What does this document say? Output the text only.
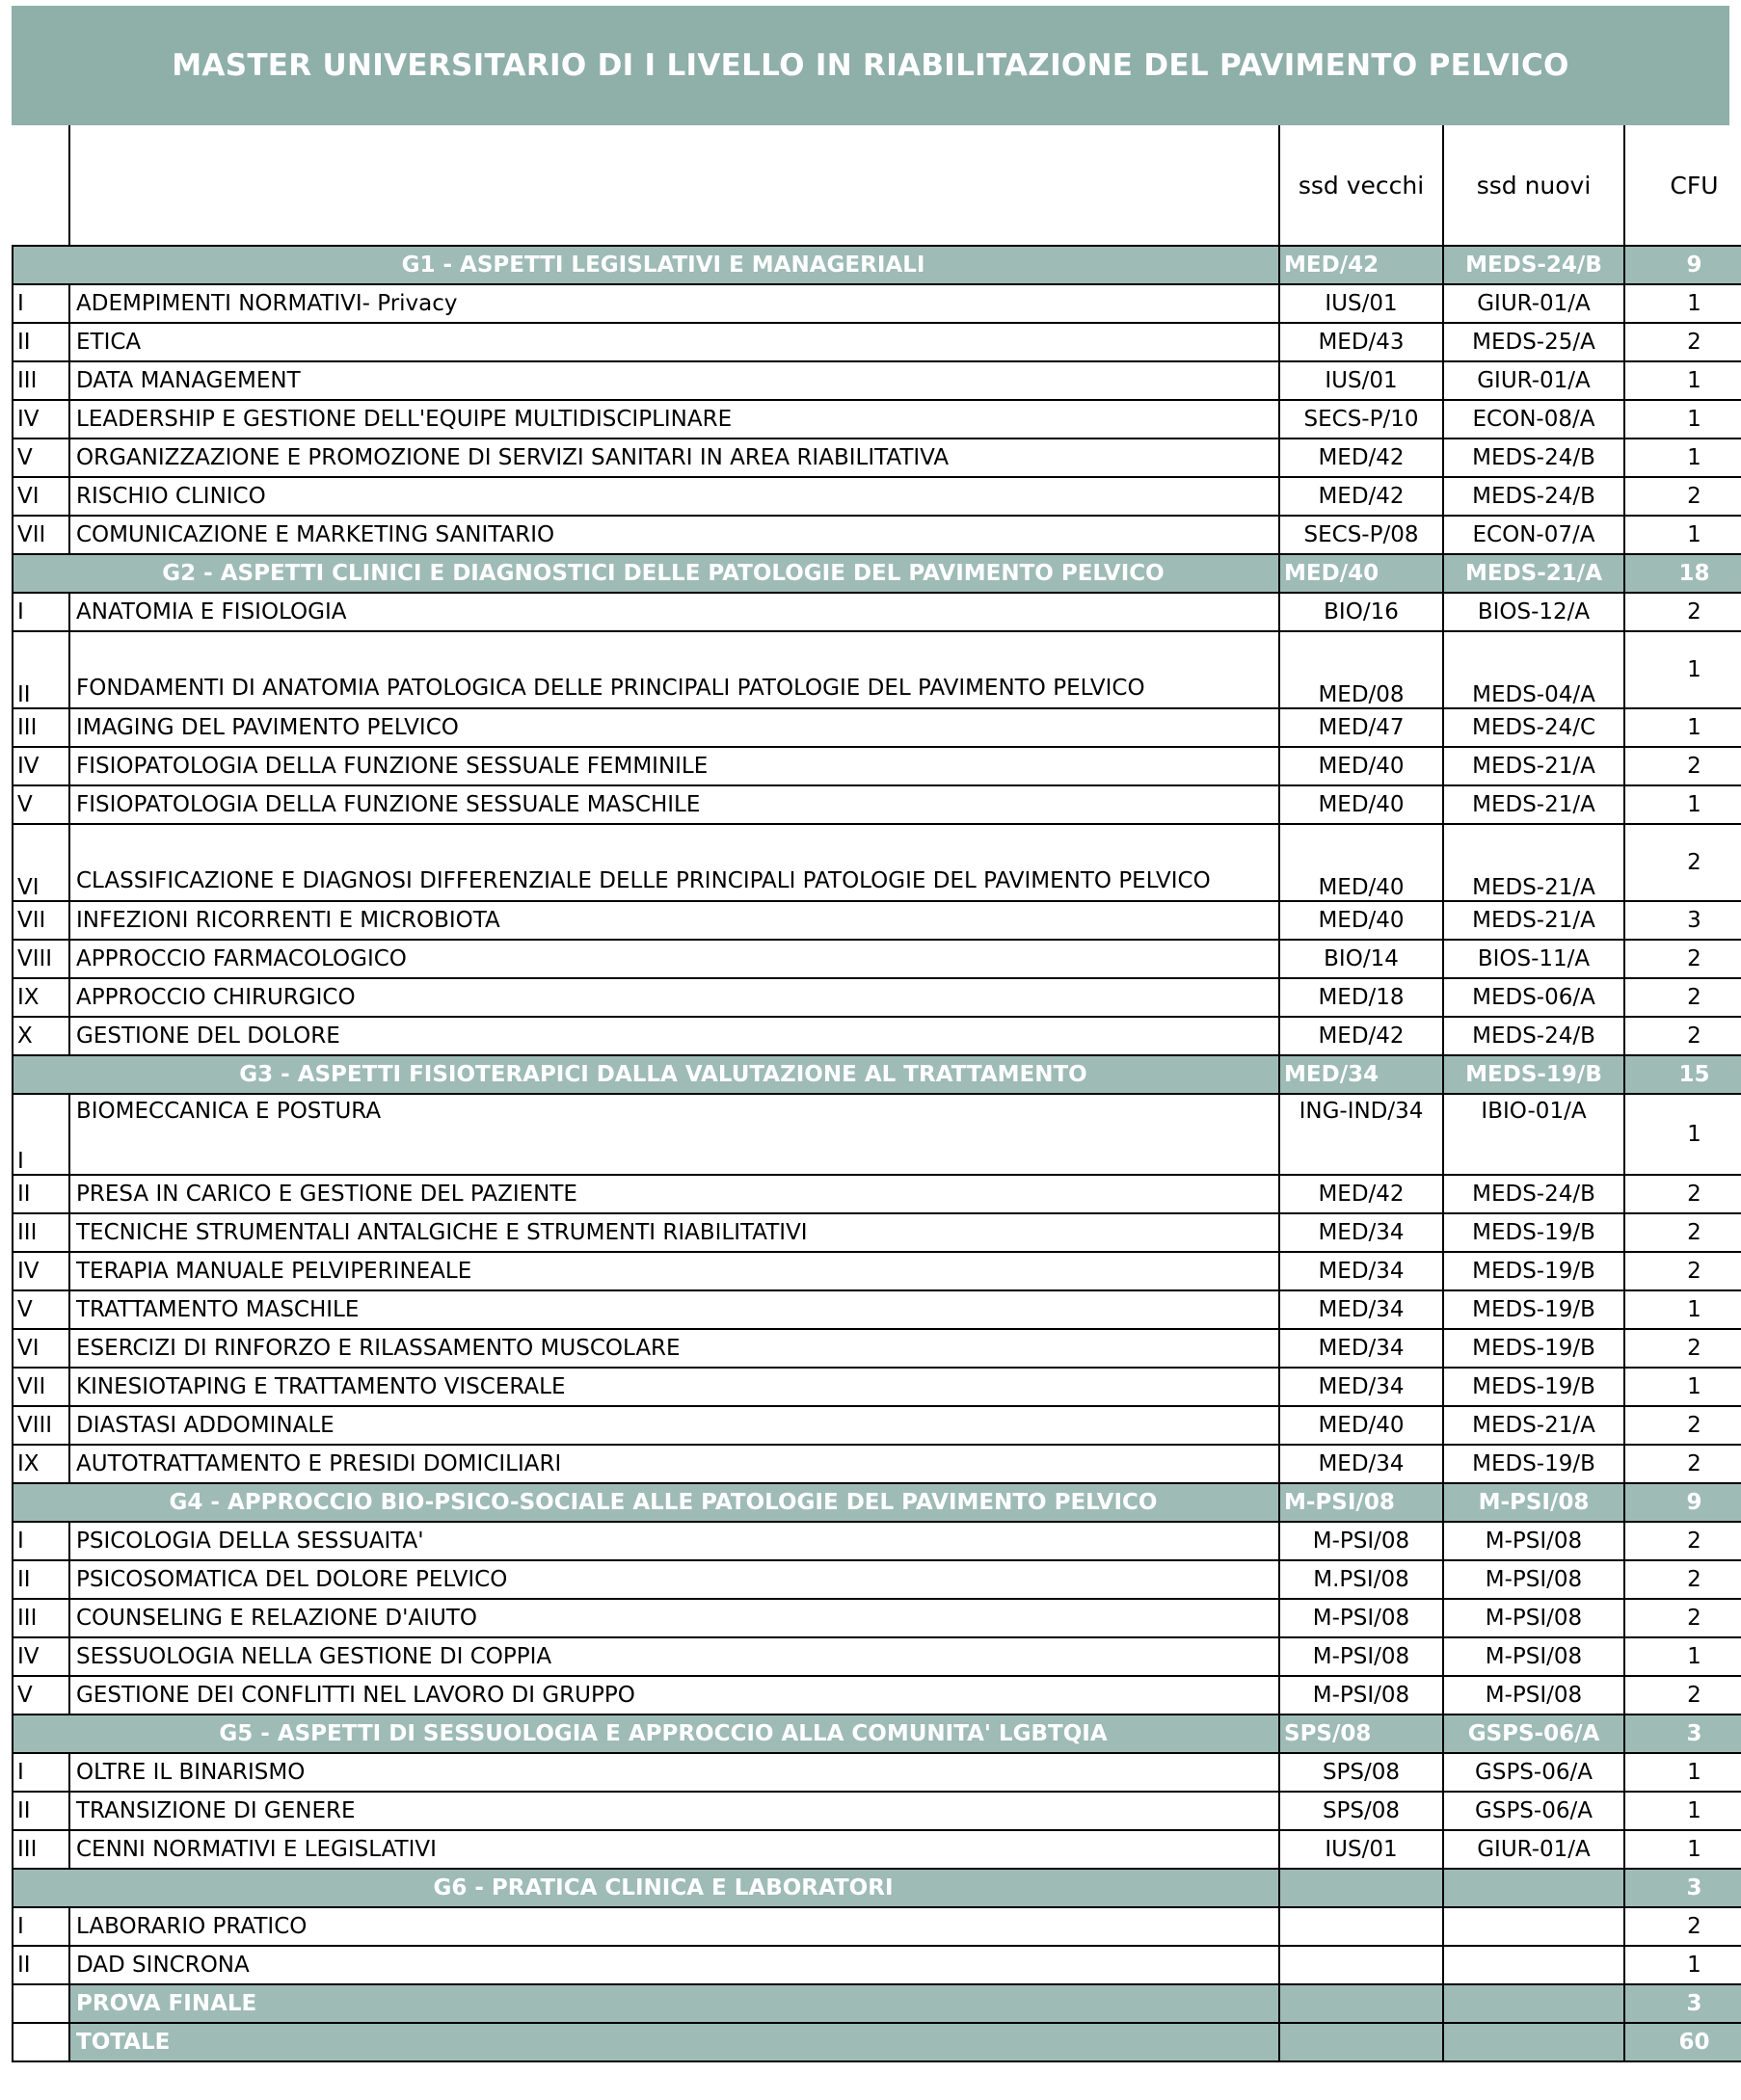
MASTER UNIVERSITARIO DI I LIVELLO IN RIABILITAZIONE DEL PAVIMENTO PELVICO
		ssd vecchi	ssd nuovi	CFU
G1 - ASPETTI LEGISLATIVI E MANAGERIALI		MED/42	MEDS-24/B	9
I	ADEMPIMENTI NORMATIVI- Privacy	IUS/01	GIUR-01/A	1
II	ETICA	MED/43	MEDS-25/A	2
III	DATA MANAGEMENT	IUS/01	GIUR-01/A	1
IV	LEADERSHIP E GESTIONE DELL'EQUIPE MULTIDISCIPLINARE	SECS-P/10	ECON-08/A	1
V	ORGANIZZAZIONE E PROMOZIONE DI SERVIZI SANITARI IN AREA RIABILITATIVA	MED/42	MEDS-24/B	1
VI	RISCHIO CLINICO	MED/42	MEDS-24/B	2
VII	COMUNICAZIONE E MARKETING SANITARIO	SECS-P/08	ECON-07/A	1
G2 - ASPETTI CLINICI E DIAGNOSTICI DELLE PATOLOGIE DEL PAVIMENTO PELVICO		MED/40	MEDS-21/A	18
I	ANATOMIA E FISIOLOGIA	BIO/16	BIOS-12/A	2
II	FONDAMENTI DI ANATOMIA PATOLOGICA DELLE PRINCIPALI PATOLOGIE DEL PAVIMENTO PELVICO	MED/08	MEDS-04/A	1
III	IMAGING DEL PAVIMENTO PELVICO	MED/47	MEDS-24/C	1
IV	FISIOPATOLOGIA DELLA FUNZIONE SESSUALE FEMMINILE	MED/40	MEDS-21/A	2
V	FISIOPATOLOGIA DELLA FUNZIONE SESSUALE MASCHILE	MED/40	MEDS-21/A	1
VI	CLASSIFICAZIONE E DIAGNOSI DIFFERENZIALE DELLE PRINCIPALI PATOLOGIE DEL PAVIMENTO PELVICO	MED/40	MEDS-21/A	2
VII	INFEZIONI RICORRENTI E MICROBIOTA	MED/40	MEDS-21/A	3
VIII	APPROCCIO FARMACOLOGICO	BIO/14	BIOS-11/A	2
IX	APPROCCIO CHIRURGICO	MED/18	MEDS-06/A	2
X	GESTIONE DEL DOLORE	MED/42	MEDS-24/B	2
G3 - ASPETTI FISIOTERAPICI DALLA VALUTAZIONE AL TRATTAMENTO		MED/34	MEDS-19/B	15
I	BIOMECCANICA E POSTURA	ING-IND/34	IBIO-01/A	1
II	PRESA IN CARICO E GESTIONE DEL PAZIENTE	MED/42	MEDS-24/B	2
III	TECNICHE STRUMENTALI ANTALGICHE E STRUMENTI RIABILITATIVI	MED/34	MEDS-19/B	2
IV	TERAPIA MANUALE PELVIPERINEALE	MED/34	MEDS-19/B	2
V	TRATTAMENTO MASCHILE	MED/34	MEDS-19/B	1
VI	ESERCIZI DI RINFORZO E RILASSAMENTO MUSCOLARE	MED/34	MEDS-19/B	2
VII	KINESIOTAPING E TRATTAMENTO VISCERALE	MED/34	MEDS-19/B	1
VIII	DIASTASI ADDOMINALE	MED/40	MEDS-21/A	2
IX	AUTOTRATTAMENTO E PRESIDI DOMICILIARI	MED/34	MEDS-19/B	2
G4 - APPROCCIO BIO-PSICO-SOCIALE ALLE PATOLOGIE DEL PAVIMENTO PELVICO		M-PSI/08	M-PSI/08	9
I	PSICOLOGIA DELLA SESSUAITA'	M-PSI/08	M-PSI/08	2
II	PSICOSOMATICA DEL DOLORE PELVICO	M.PSI/08	M-PSI/08	2
III	COUNSELING E RELAZIONE D'AIUTO	M-PSI/08	M-PSI/08	2
IV	SESSUOLOGIA NELLA GESTIONE DI COPPIA	M-PSI/08	M-PSI/08	1
V	GESTIONE DEI CONFLITTI NEL LAVORO DI GRUPPO	M-PSI/08	M-PSI/08	2
G5 - ASPETTI DI SESSUOLOGIA E APPROCCIO ALLA COMUNITA' LGBTQIA		SPS/08	GSPS-06/A	3
I	OLTRE IL BINARISMO	SPS/08	GSPS-06/A	1
II	TRANSIZIONE DI GENERE	SPS/08	GSPS-06/A	1
III	CENNI NORMATIVI E LEGISLATIVI	IUS/01	GIUR-01/A	1
G6 - PRATICA CLINICA E LABORATORI				3
I	LABORARIO PRATICO			2
II	DAD SINCRONA			1
	PROVA FINALE			3
	TOTALE			60
